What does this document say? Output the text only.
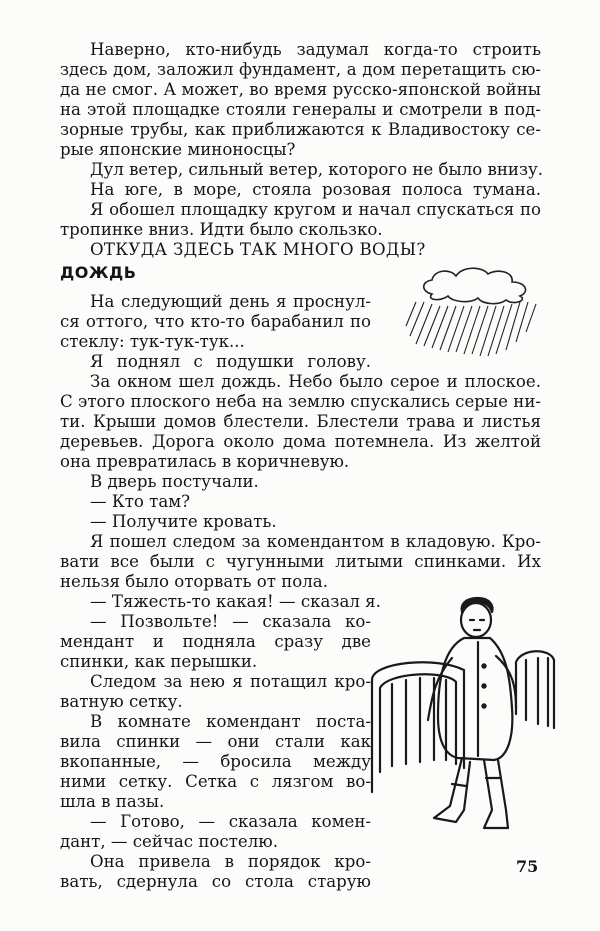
Наверно, кто-нибудь задумал когда-то строить
здесь дом, заложил фундамент, а дом перетащить сю-
да не смог. А может, во время русско-японской войны
на этой площадке стояли генералы и смотрели в под-
зорные трубы, как приближаются к Владивостоку се-
рые японские миноносцы?
Дул ветер, сильный ветер, которого не было внизу.
На юге, в море, стояла розовая полоса тумана.
Я обошел площадку кругом и начал спускаться по
тропинке вниз. Идти было скользко.
ОТКУДА ЗДЕСЬ ТАК МНОГО ВОДЫ?
ДОЖДЬ
На следующий день я проснул-
ся оттого, что кто-то барабанил по
стеклу: тук-тук-тук...
Я поднял с подушки голову.
За окном шел дождь. Небо было серое и плоское.
С этого плоского неба на землю спускались серые ни-
ти. Крыши домов блестели. Блестели трава и листья
деревьев. Дорога около дома потемнела. Из желтой
она превратилась в коричневую.
В дверь постучали.
— Кто там?
— Получите кровать.
Я пошел следом за комендантом в кладовую. Кро-
вати все были с чугунными литыми спинками. Их
нельзя было оторвать от пола.
— Тяжесть-то какая! — сказал я.
— Позвольте! — сказала ко-
мендант и подняла сразу две
спинки, как перышки.
Следом за нею я потащил кро-
ватную сетку.
В комнате комендант поста-
вила спинки — они стали как
вкопанные, — бросила между
ними сетку. Сетка с лязгом во-
шла в пазы.
— Готово, — сказала комен-
дант, — сейчас постелю.
Она привела в порядок кро-
вать, сдернула со стола старую
75
